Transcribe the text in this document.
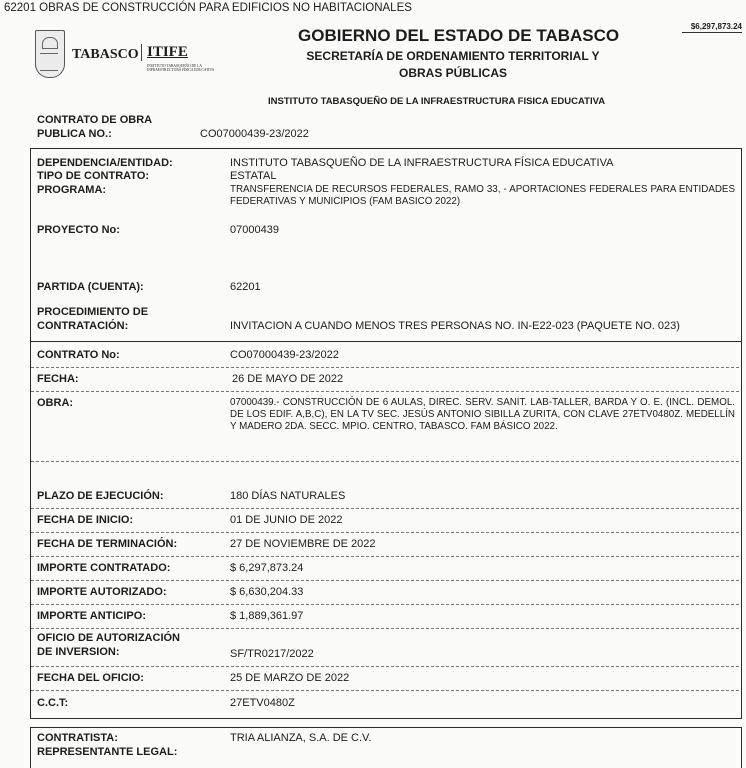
62201 OBRAS DE CONSTRUCCIÓN PARA EDIFICIOS NO HABITACIONALES
$6,297,873.24
TABASCO ITIFE
INSTITUTO TABASQUEÑO DE LA INFRAESTRUCTURA FÍSICA EDUCATIVA
GOBIERNO DEL ESTADO DE TABASCO
SECRETARÍA DE ORDENAMIENTO TERRITORIAL Y
OBRAS PÚBLICAS
INSTITUTO TABASQUEÑO DE LA INFRAESTRUCTURA FISICA EDUCATIVA
CONTRATO DE OBRA
PUBLICA NO.:	CO07000439-23/2022
DEPENDENCIA/ENTIDAD:	INSTITUTO TABASQUEÑO DE LA INFRAESTRUCTURA FÍSICA EDUCATIVA
TIPO DE CONTRATO:	ESTATAL
PROGRAMA:	TRANSFERENCIA DE RECURSOS FEDERALES, RAMO 33, - APORTACIONES FEDERALES PARA ENTIDADES FEDERATIVAS Y MUNICIPIOS (FAM BASICO 2022)
PROYECTO No:	07000439
PARTIDA (CUENTA):	62201
PROCEDIMIENTO DE
CONTRATACIÓN:	INVITACION A CUANDO MENOS TRES PERSONAS NO. IN-E22-023 (PAQUETE NO. 023)
CONTRATO No:	CO07000439-23/2022
FECHA:	26 DE MAYO DE 2022
OBRA:	07000439.- CONSTRUCCIÓN DE 6 AULAS, DIREC. SERV. SANIT. LAB-TALLER, BARDA Y O. E. (INCL. DEMOL. DE LOS EDIF. A,B,C), EN LA TV SEC. JESÚS ANTONIO SIBILLA ZURITA, CON CLAVE 27ETV0480Z. MEDELLÍN Y MADERO 2DA. SECC. MPIO. CENTRO, TABASCO. FAM BÁSICO 2022.
PLAZO DE EJECUCIÓN:	180 DÍAS NATURALES
FECHA DE INICIO:	01 DE JUNIO DE 2022
FECHA DE TERMINACIÓN:	27 DE NOVIEMBRE DE 2022
IMPORTE CONTRATADO:	$ 6,297,873.24
IMPORTE AUTORIZADO:	$ 6,630,204.33
IMPORTE ANTICIPO:	$ 1,889,361.97
OFICIO DE AUTORIZACIÓN
DE INVERSION:	SF/TR0217/2022
FECHA DEL OFICIO:	25 DE MARZO DE 2022
C.C.T:	27ETV0480Z
CONTRATISTA:	TRIA ALIANZA, S.A. DE C.V.
REPRESENTANTE LEGAL:
